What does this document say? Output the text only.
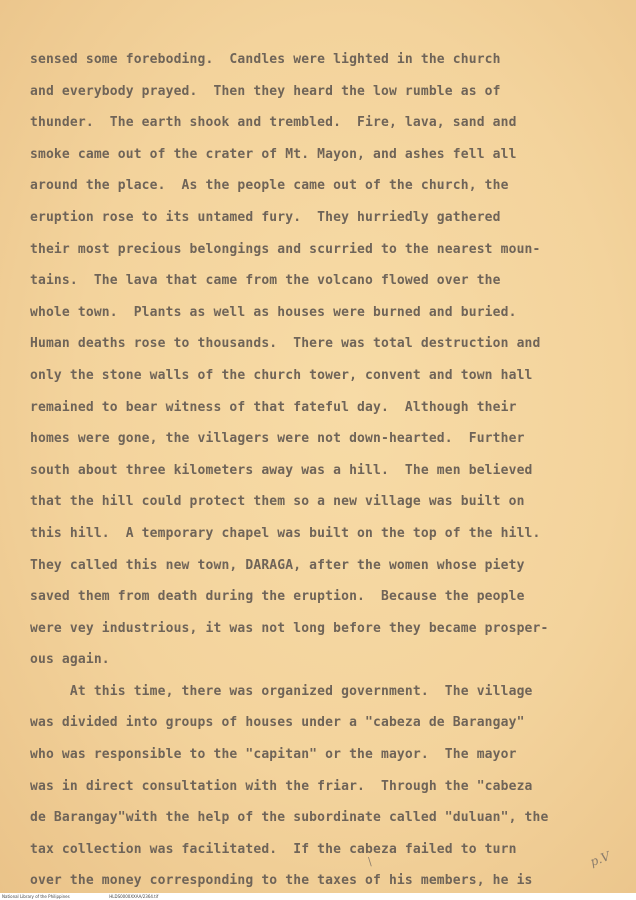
sensed some foreboding.  Candles were lighted in the church
and everybody prayed.  Then they heard the low rumble as of
thunder.  The earth shook and trembled.  Fire, lava, sand and
smoke came out of the crater of Mt. Mayon, and ashes fell all
around the place.  As the people came out of the church, the
eruption rose to its untamed fury.  They hurriedly gathered
their most precious belongings and scurried to the nearest moun-
tains.  The lava that came from the volcano flowed over the
whole town.  Plants as well as houses were burned and buried.
Human deaths rose to thousands.  There was total destruction and
only the stone walls of the church tower, convent and town hall
remained to bear witness of that fateful day.  Although their
homes were gone, the villagers were not down-hearted.  Further
south about three kilometers away was a hill.  The men believed
that the hill could protect them so a new village was built on
this hill.  A temporary chapel was built on the top of the hill.
They called this new town, DARAGA, after the women whose piety
saved them from death during the eruption.  Because the people
were vey industrious, it was not long before they became prosper-
ous again.
At this time, there was organized government.  The village
was divided into groups of houses under a "cabeza de Barangay"
who was responsible to the "capitan" or the mayor.  The mayor
was in direct consultation with the friar.  Through the "cabeza
de Barangay"with the help of the subordinate called "duluan", the
tax collection was facilitated.  If the cabeza failed to turn
over the money corresponding to the taxes of his members, he is
\	p.V
National Library of the Philippines	HLDS0000XXAA/2364.tif
